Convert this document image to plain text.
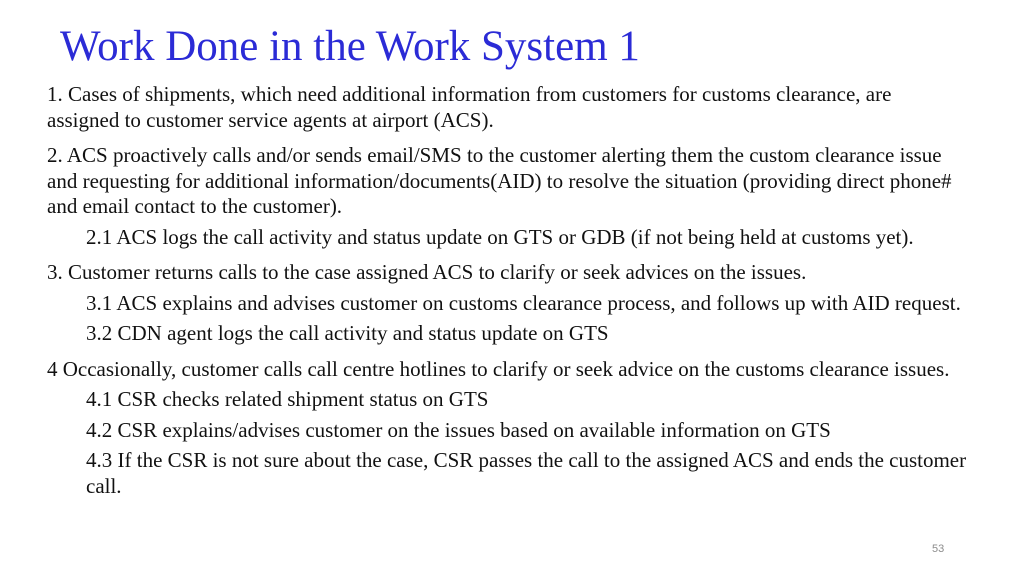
Work Done in the Work System 1

1. Cases of shipments, which need additional information from customers for customs clearance, are assigned to customer service agents at airport (ACS).

2. ACS proactively calls and/or sends email/SMS to the customer alerting them the custom clearance issue and requesting for additional information/documents(AID) to resolve the situation (providing direct phone# and email contact to the customer).

2.1 ACS logs the call activity and status update on GTS or GDB (if not being held at customs yet).

3. Customer returns calls to the case assigned ACS to clarify or seek advices on the issues.

3.1 ACS explains and advises customer on customs clearance process, and follows up with AID request.

3.2 CDN agent logs the call activity and status update on GTS

4 Occasionally, customer calls call centre hotlines to clarify or seek advice on the customs clearance issues.

4.1 CSR checks related shipment status on GTS

4.2 CSR explains/advises customer on the issues based on available information on GTS

4.3 If the CSR is not sure about the case, CSR passes the call to the assigned ACS and ends the customer call.

53
